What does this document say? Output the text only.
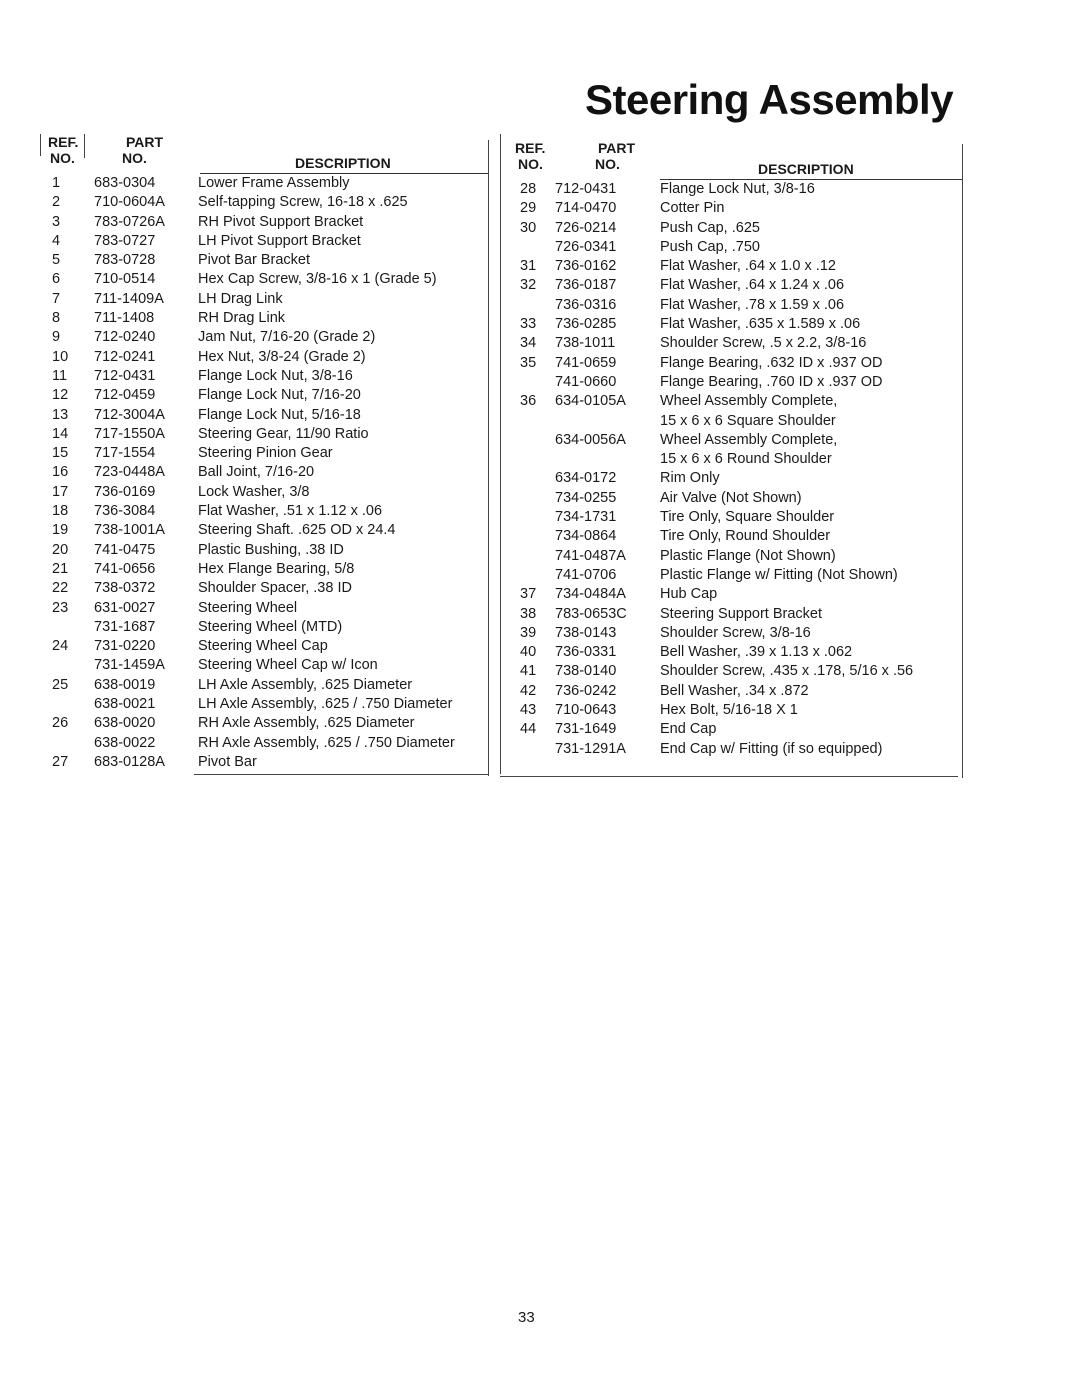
Steering Assembly
REF.
NO.
PART
NO.	DESCRIPTION
1 683-0304	Lower Frame Assembly
2 710-0604A Self-tapping Screw, 16-18 x .625
3 783-0726A RH Pivot Support Bracket
4 783-0727	LH Pivot Support Bracket
5 783-0728	Pivot Bar Bracket
6 710-0514	Hex Cap Screw, 3/8-16 x 1 (Grade 5)
7 711-1409A LH Drag Link
8 711-1408	RH Drag Link
9 712-0240	Jam Nut, 7/16-20 (Grade 2)
10 712-0241	Hex Nut, 3/8-24 (Grade 2)
11 712-0431	Flange Lock Nut, 3/8-16
12 712-0459	Flange Lock Nut, 7/16-20
13 712-3004A Flange Lock Nut, 5/16-18
14 717-1550A Steering Gear, 11/90 Ratio
15 717-1554	Steering Pinion Gear
16 723-0448A Ball Joint, 7/16-20
17 736-0169	Lock Washer, 3/8
18 736-3084	Flat Washer, .51 x 1.12 x .06
19 738-1001A Steering Shaft. .625 OD x 24.4
20 741-0475	Plastic Bushing, .38 ID
21 741-0656	Hex Flange Bearing, 5/8
22 738-0372	Shoulder Spacer, .38 ID
23 631-0027	Steering Wheel
731-1687	Steering Wheel (MTD)
24 731-0220	Steering Wheel Cap
731-1459A Steering Wheel Cap w/ Icon
25 638-0019	LH Axle Assembly, .625 Diameter
638-0021	LH Axle Assembly, .625 / .750 Diameter
26 638-0020	RH Axle Assembly, .625 Diameter
638-0022	RH Axle Assembly, .625 / .750 Diameter
27 683-0128A Pivot Bar
REF.
NO.
PART
NO.	DESCRIPTION
28 712-0431	Flange Lock Nut, 3/8-16
29 714-0470	Cotter Pin
30 726-0214	Push Cap, .625
726-0341	Push Cap, .750
31 736-0162	Flat Washer, .64 x 1.0 x .12
32 736-0187	Flat Washer, .64 x 1.24 x .06
736-0316	Flat Washer, .78 x 1.59 x .06
33 736-0285	Flat Washer, .635 x 1.589 x .06
34 738-1011	Shoulder Screw, .5 x 2.2, 3/8-16
35 741-0659	Flange Bearing, .632 ID x .937 OD
741-0660	Flange Bearing, .760 ID x .937 OD
36 634-0105A Wheel Assembly Complete,
15 x 6 x 6 Square Shoulder
634-0056A Wheel Assembly Complete,
15 x 6 x 6 Round Shoulder
634-0172	Rim Only
734-0255	Air Valve (Not Shown)
734-1731	Tire Only, Square Shoulder
734-0864	Tire Only, Round Shoulder
741-0487A Plastic Flange (Not Shown)
741-0706	Plastic Flange w/ Fitting (Not Shown)
37 734-0484A Hub Cap
38 783-0653C Steering Support Bracket
39 738-0143	Shoulder Screw, 3/8-16
40 736-0331	Bell Washer, .39 x 1.13 x .062
41 738-0140	Shoulder Screw, .435 x .178, 5/16 x .56
42 736-0242	Bell Washer, .34 x .872
43 710-0643	Hex Bolt, 5/16-18 X 1
44 731-1649	End Cap
731-1291A End Cap w/ Fitting (if so equipped)
33
